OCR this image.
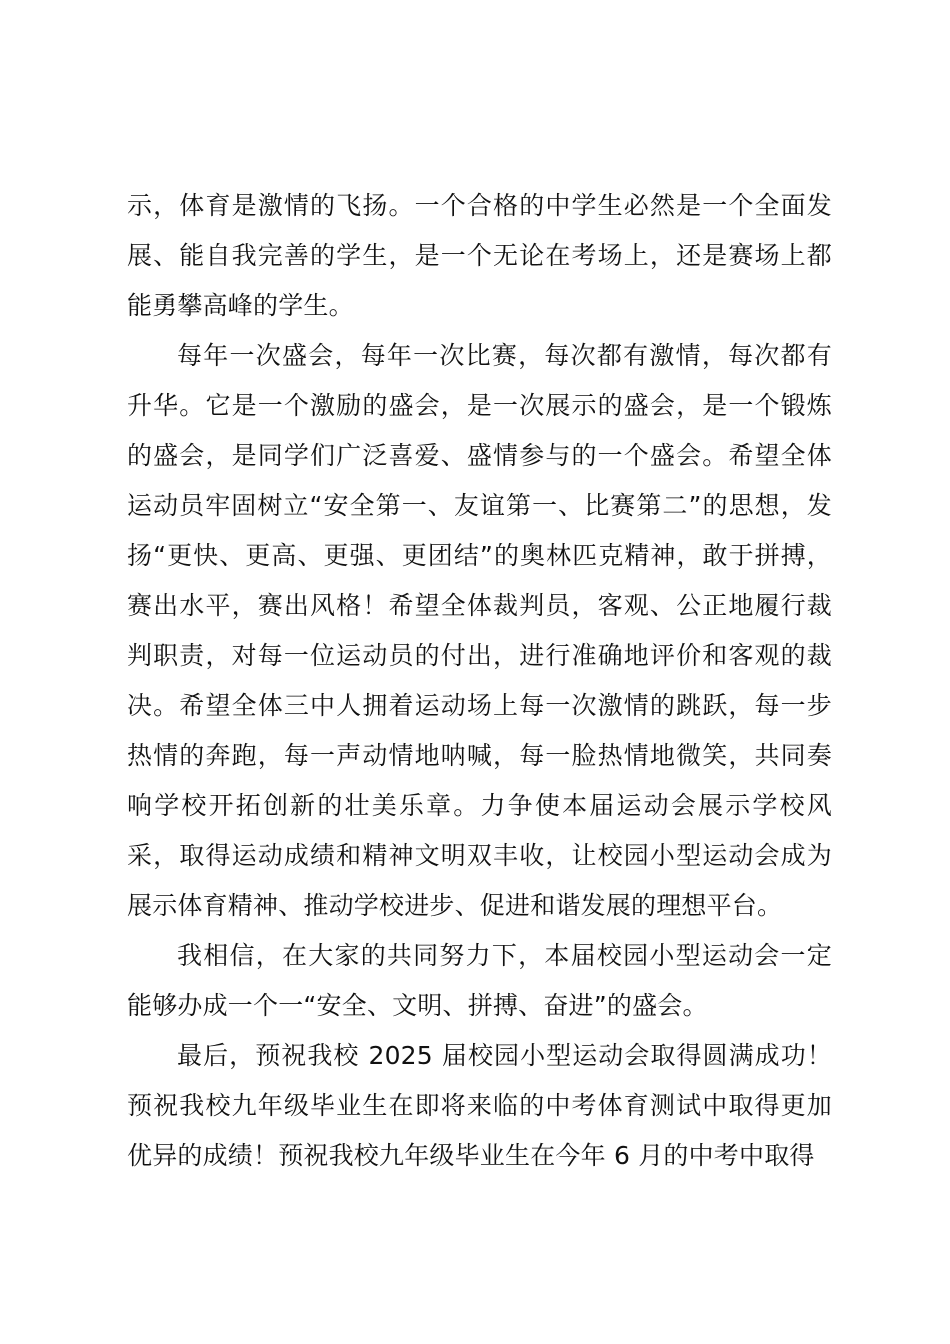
示，体育是激情的飞扬。一个合格的中学生必然是一个全面发展、能自我完善的学生，是一个无论在考场上，还是赛场上都能勇攀高峰的学生。

每年一次盛会，每年一次比赛，每次都有激情，每次都有升华。它是一个激励的盛会，是一次展示的盛会，是一个锻炼的盛会，是同学们广泛喜爱、盛情参与的一个盛会。希望全体运动员牢固树立“安全第一、友谊第一、比赛第二”的思想，发扬“更快、更高、更强、更团结”的奥林匹克精神，敢于拼搏，赛出水平，赛出风格！希望全体裁判员，客观、公正地履行裁判职责，对每一位运动员的付出，进行准确地评价和客观的裁决。希望全体三中人拥着运动场上每一次激情的跳跃，每一步热情的奔跑，每一声动情地呐喊，每一脸热情地微笑，共同奏响学校开拓创新的壮美乐章。力争使本届运动会展示学校风采，取得运动成绩和精神文明双丰收，让校园小型运动会成为展示体育精神、推动学校进步、促进和谐发展的理想平台。

我相信，在大家的共同努力下，本届校园小型运动会一定能够办成一个一“安全、文明、拼搏、奋进”的盛会。

最后，预祝我校 2025 届校园小型运动会取得圆满成功！预祝我校九年级毕业生在即将来临的中考体育测试中取得更加优异的成绩！预祝我校九年级毕业生在今年 6 月的中考中取得
